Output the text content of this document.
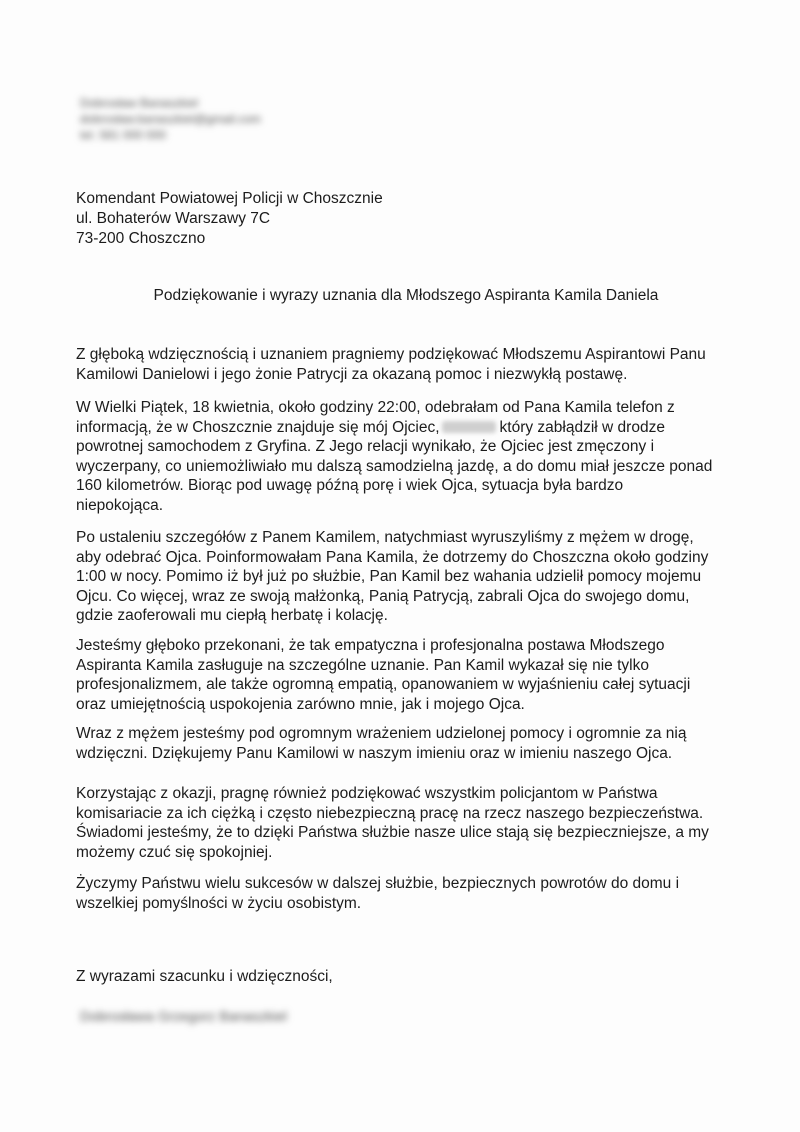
Dobrosław Banaszkiel
dobrosław.banaszkiel@gmail.com
tel. 581 000 000
Komendant Powiatowej Policji w Choszcznie
ul. Bohaterów Warszawy 7C
73-200 Choszczno
Podziękowanie i wyrazy uznania dla Młodszego Aspiranta Kamila Daniela
Z głęboką wdzięcznością i uznaniem pragniemy podziękować Młodszemu Aspirantowi Panu
Kamilowi Danielowi i jego żonie Patrycji za okazaną pomoc i niezwykłą postawę.
W Wielki Piątek, 18 kwietnia, około godziny 22:00, odebrałam od Pana Kamila telefon z
informacją, że w Choszcznie znajduje się mój Ojciec,	który zabłądził w drodze
powrotnej samochodem z Gryfina. Z Jego relacji wynikało, że Ojciec jest zmęczony i
wyczerpany, co uniemożliwiało mu dalszą samodzielną jazdę, a do domu miał jeszcze ponad
160 kilometrów. Biorąc pod uwagę późną porę i wiek Ojca, sytuacja była bardzo
niepokojąca.
Po ustaleniu szczegółów z Panem Kamilem, natychmiast wyruszyliśmy z mężem w drogę,
aby odebrać Ojca. Poinformowałam Pana Kamila, że dotrzemy do Choszczna około godziny
1:00 w nocy. Pomimo iż był już po służbie, Pan Kamil bez wahania udzielił pomocy mojemu
Ojcu. Co więcej, wraz ze swoją małżonką, Panią Patrycją, zabrali Ojca do swojego domu,
gdzie zaoferowali mu ciepłą herbatę i kolację.
Jesteśmy głęboko przekonani, że tak empatyczna i profesjonalna postawa Młodszego
Aspiranta Kamila zasługuje na szczególne uznanie. Pan Kamil wykazał się nie tylko
profesjonalizmem, ale także ogromną empatią, opanowaniem w wyjaśnieniu całej sytuacji
oraz umiejętnością uspokojenia zarówno mnie, jak i mojego Ojca.
Wraz z mężem jesteśmy pod ogromnym wrażeniem udzielonej pomocy i ogromnie za nią
wdzięczni. Dziękujemy Panu Kamilowi w naszym imieniu oraz w imieniu naszego Ojca.
Korzystając z okazji, pragnę również podziękować wszystkim policjantom w Państwa
komisariacie za ich ciężką i często niebezpieczną pracę na rzecz naszego bezpieczeństwa.
Świadomi jesteśmy, że to dzięki Państwa służbie nasze ulice stają się bezpieczniejsze, a my
możemy czuć się spokojniej.
Życzymy Państwu wielu sukcesów w dalszej służbie, bezpiecznych powrotów do domu i
wszelkiej pomyślności w życiu osobistym.
Z wyrazami szacunku i wdzięczności,
Dobrosława Grzegorz Banaszkiel
